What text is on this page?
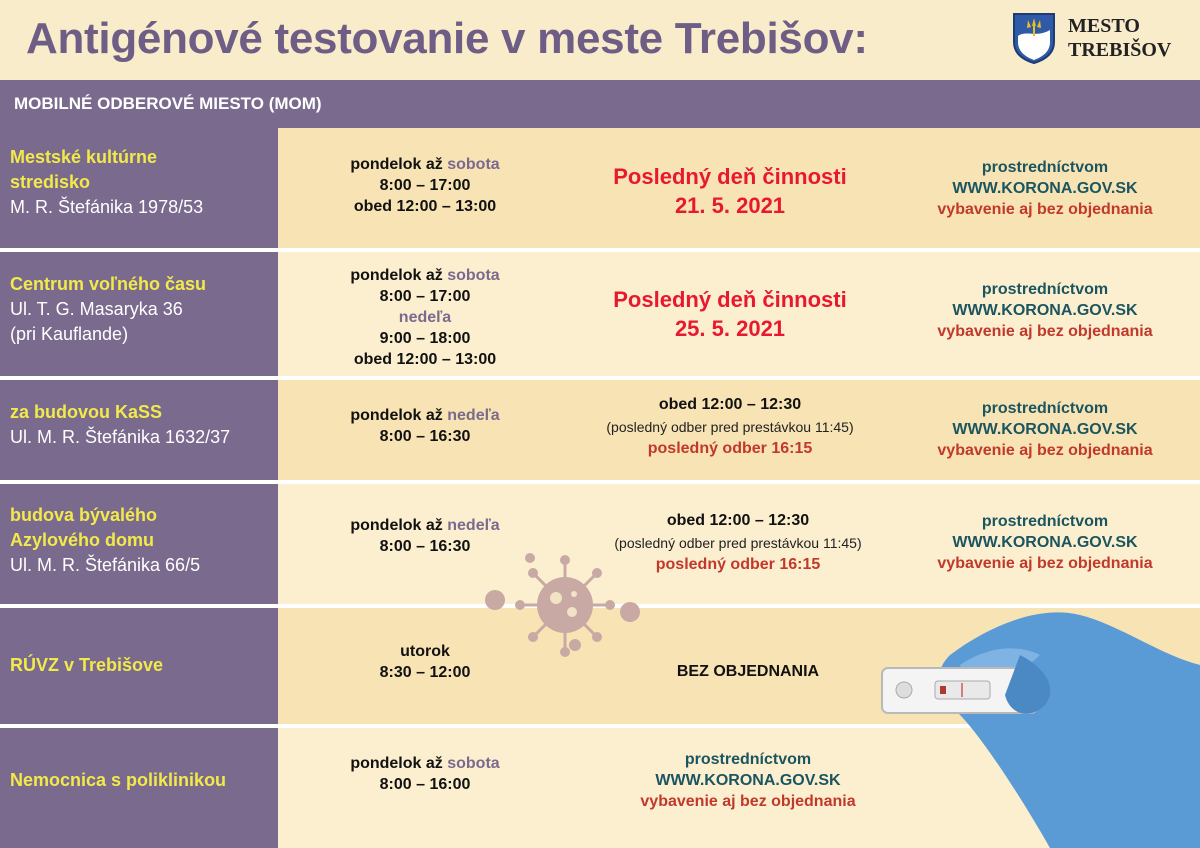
Antigénové testovanie v meste Trebišov:	MESTO
TREBIŠOV
MOBILNÉ ODBEROVÉ MIESTO (MOM)
Mestské kultúrne stredisko
M. R. Štefánika 1978/53
pondelok až sobota
8:00 – 17:00
obed 12:00 – 13:00
Posledný deň činnosti
21. 5. 2021
prostredníctvom
WWW.KORONA.GOV.SK
vybavenie aj bez objednania
Centrum voľného času
Ul. T. G. Masaryka 36
(pri Kauflande)
pondelok až sobota
8:00 – 17:00
nedeľa
9:00 – 18:00
obed 12:00 – 13:00
Posledný deň činnosti
25. 5. 2021
prostredníctvom
WWW.KORONA.GOV.SK
vybavenie aj bez objednania
za budovou KaSS
Ul. M. R. Štefánika 1632/37
pondelok až nedeľa
8:00 – 16:30
obed 12:00 – 12:30
(posledný odber pred prestávkou 11:45)
posledný odber 16:15
prostredníctvom
WWW.KORONA.GOV.SK
vybavenie aj bez objednania
budova bývalého Azylového domu
Ul. M. R. Štefánika 66/5
pondelok až nedeľa
8:00 – 16:30
obed 12:00 – 12:30
(posledný odber pred prestávkou 11:45)
posledný odber 16:15
prostredníctvom
WWW.KORONA.GOV.SK
vybavenie aj bez objednania
RÚVZ v Trebišove
utorok
8:30 – 12:00	BEZ OBJEDNANIA
Nemocnica s poliklinikou
pondelok až sobota
8:00 – 16:00
prostredníctvom
WWW.KORONA.GOV.SK
vybavenie aj bez objednania
